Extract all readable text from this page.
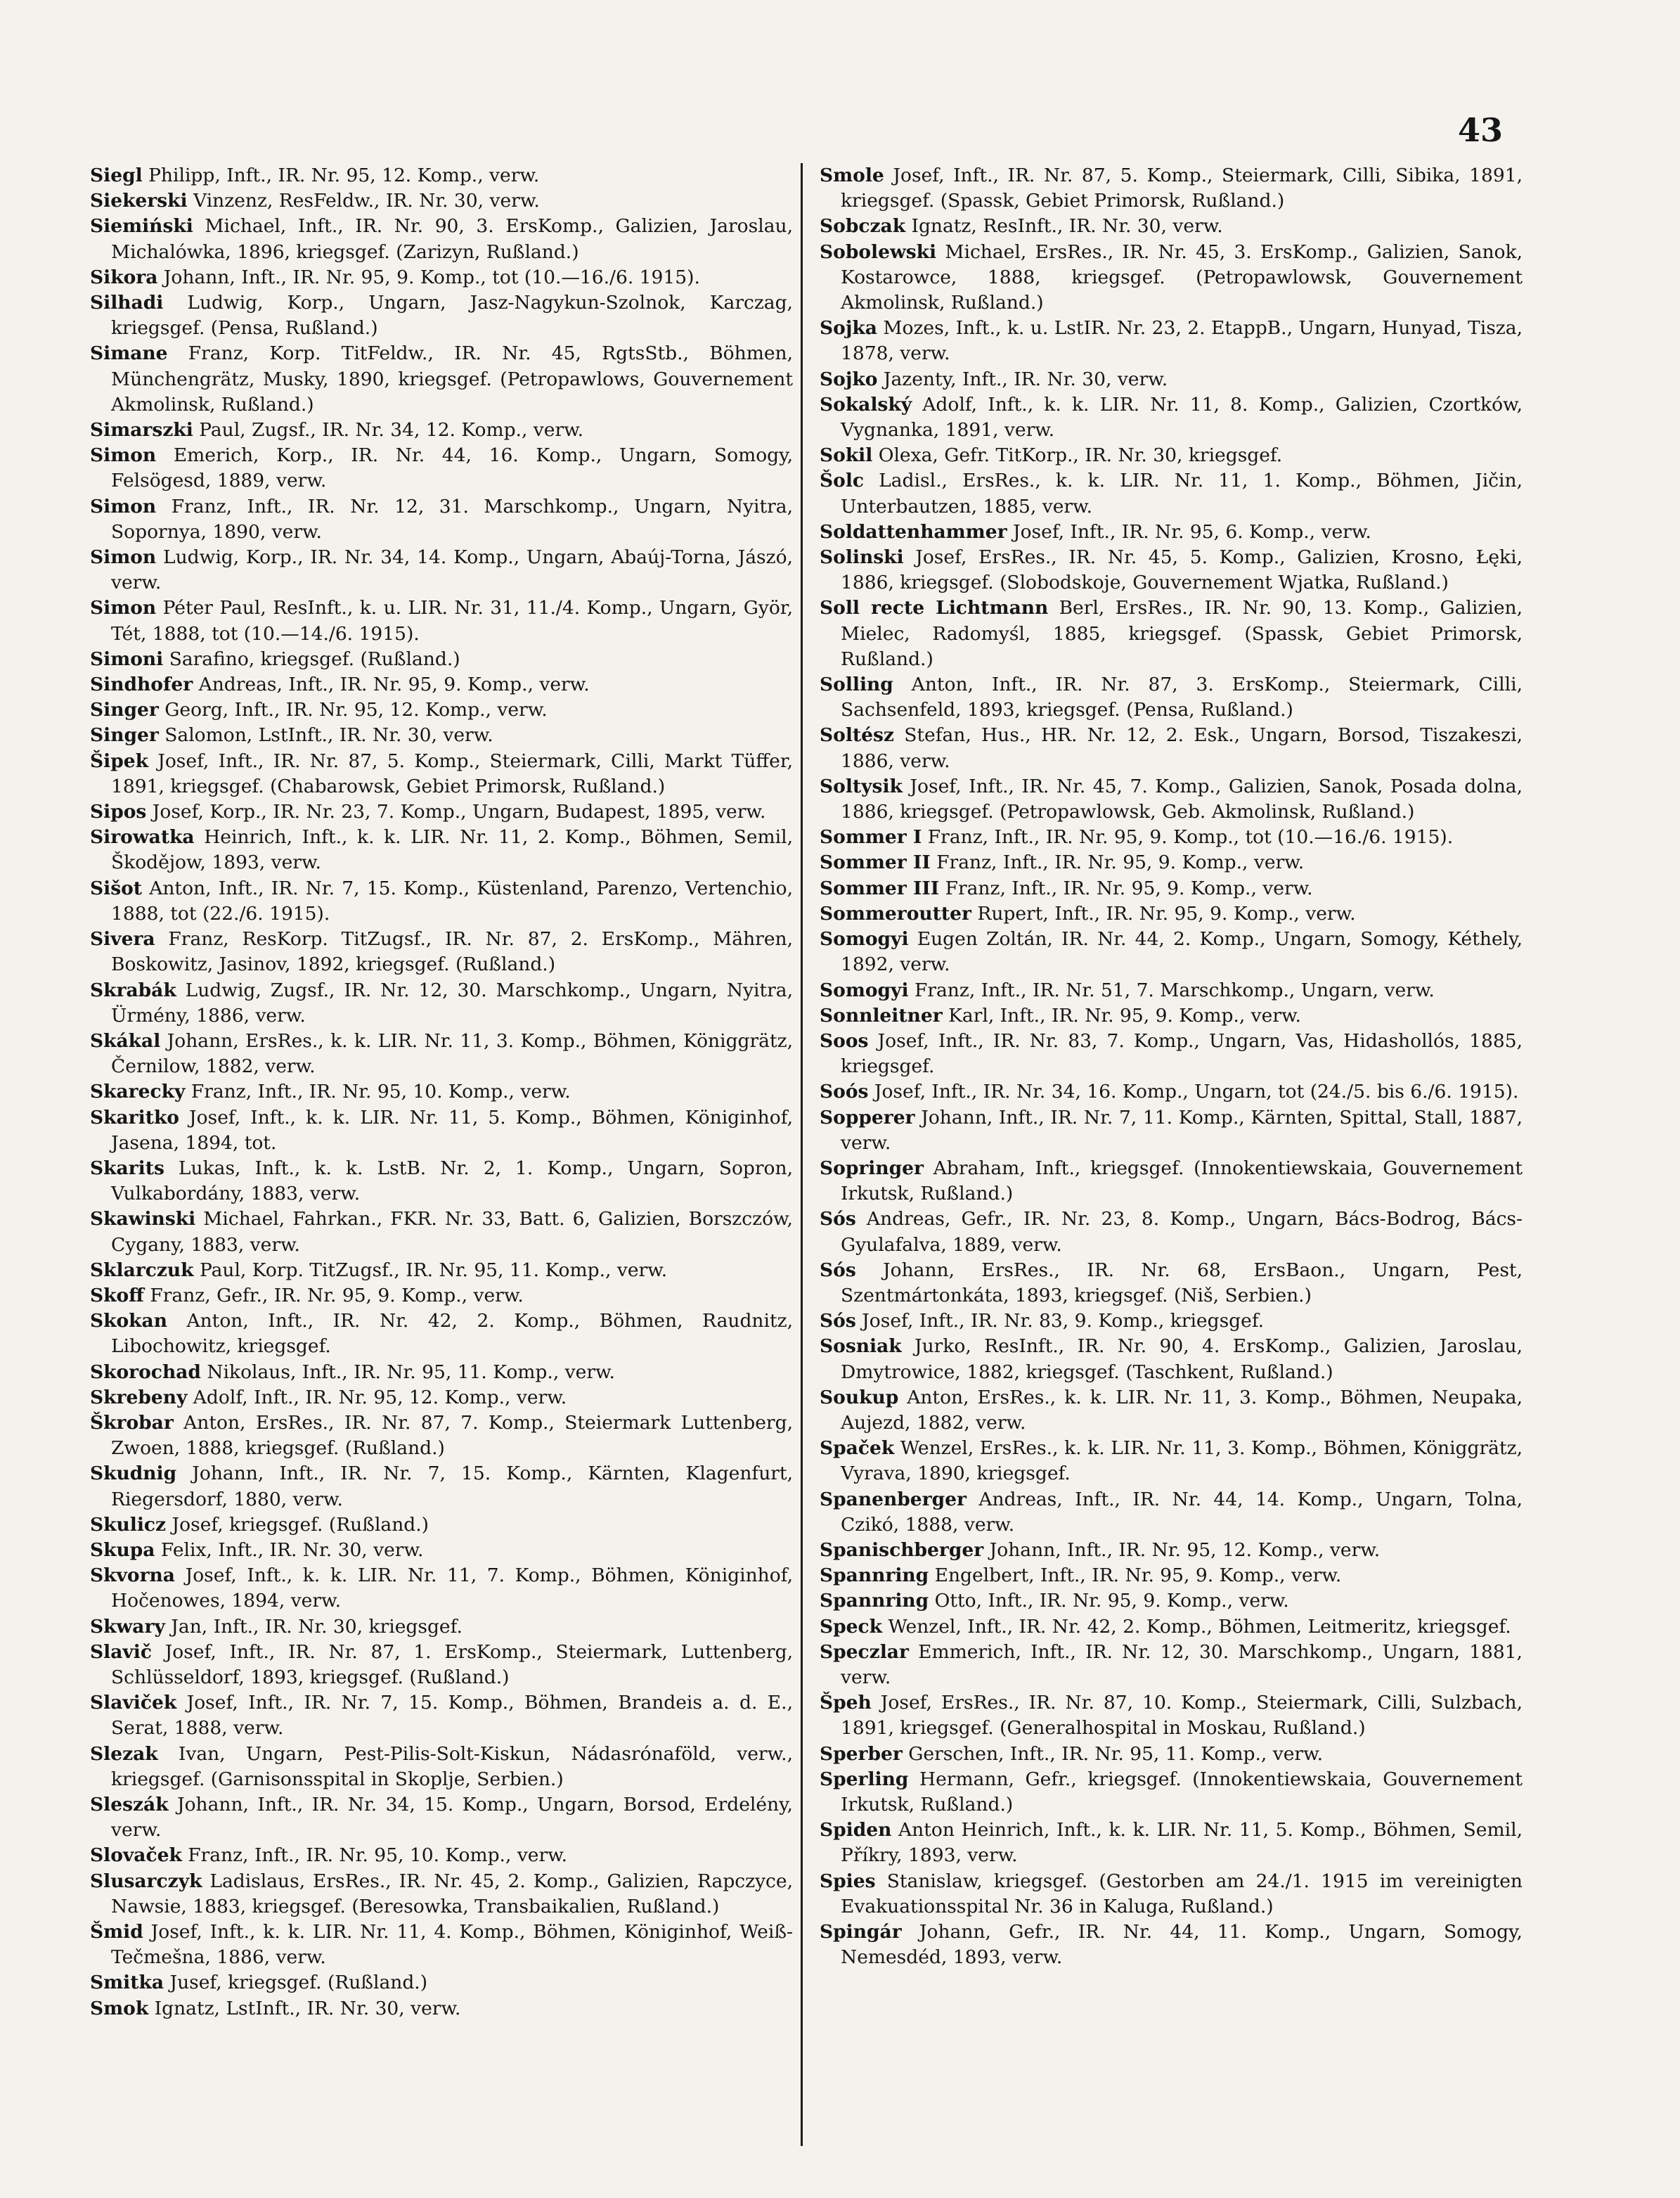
43
Siegl Philipp, Inft., IR. Nr. 95, 12. Komp., verw.
Siekerski Vinzenz, ResFeldw., IR. Nr. 30, verw.
Siemiński Michael, Inft., IR. Nr. 90, 3. ErsKomp., Galizien, Jaroslau, Michalówka, 1896, kriegsgef. (Zarizyn, Rußland.)
Sikora Johann, Inft., IR. Nr. 95, 9. Komp., tot (10.—16./6. 1915).
Silhadi Ludwig, Korp., Ungarn, Jasz-Nagykun-Szolnok, Karczag, kriegsgef. (Pensa, Rußland.)
Simane Franz, Korp. TitFeldw., IR. Nr. 45, RgtsStb., Böhmen, Münchengrätz, Musky, 1890, kriegsgef. (Petropawlows, Gouvernement Akmolinsk, Rußland.)
Simarszki Paul, Zugsf., IR. Nr. 34, 12. Komp., verw.
Simon Emerich, Korp., IR. Nr. 44, 16. Komp., Ungarn, Somogy, Felsögesd, 1889, verw.
Simon Franz, Inft., IR. Nr. 12, 31. Marschkomp., Ungarn, Nyitra, Sopornya, 1890, verw.
Simon Ludwig, Korp., IR. Nr. 34, 14. Komp., Ungarn, Abaúj-Torna, Jászó, verw.
Simon Péter Paul, ResInft., k. u. LIR. Nr. 31, 11./4. Komp., Ungarn, Györ, Tét, 1888, tot (10.—14./6. 1915).
Simoni Sarafino, kriegsgef. (Rußland.)
Sindhofer Andreas, Inft., IR. Nr. 95, 9. Komp., verw.
Singer Georg, Inft., IR. Nr. 95, 12. Komp., verw.
Singer Salomon, LstInft., IR. Nr. 30, verw.
Šipek Josef, Inft., IR. Nr. 87, 5. Komp., Steiermark, Cilli, Markt Tüffer, 1891, kriegsgef. (Chabarowsk, Gebiet Primorsk, Rußland.)
Sipos Josef, Korp., IR. Nr. 23, 7. Komp., Ungarn, Budapest, 1895, verw.
Sirowatka Heinrich, Inft., k. k. LIR. Nr. 11, 2. Komp., Böhmen, Semil, Škodějow, 1893, verw.
Sišot Anton, Inft., IR. Nr. 7, 15. Komp., Küstenland, Parenzo, Vertenchio, 1888, tot (22./6. 1915).
Sivera Franz, ResKorp. TitZugsf., IR. Nr. 87, 2. ErsKomp., Mähren, Boskowitz, Jasinov, 1892, kriegsgef. (Rußland.)
Skrabák Ludwig, Zugsf., IR. Nr. 12, 30. Marschkomp., Ungarn, Nyitra, Ürmény, 1886, verw.
Skákal Johann, ErsRes., k. k. LIR. Nr. 11, 3. Komp., Böhmen, Königgrätz, Černilow, 1882, verw.
Skarecky Franz, Inft., IR. Nr. 95, 10. Komp., verw.
Skaritko Josef, Inft., k. k. LIR. Nr. 11, 5. Komp., Böhmen, Königinhof, Jasena, 1894, tot.
Skarits Lukas, Inft., k. k. LstB. Nr. 2, 1. Komp., Ungarn, Sopron, Vulkabordány, 1883, verw.
Skawinski Michael, Fahrkan., FKR. Nr. 33, Batt. 6, Galizien, Borszczów, Cygany, 1883, verw.
Sklarczuk Paul, Korp. TitZugsf., IR. Nr. 95, 11. Komp., verw.
Skoff Franz, Gefr., IR. Nr. 95, 9. Komp., verw.
Skokan Anton, Inft., IR. Nr. 42, 2. Komp., Böhmen, Raudnitz, Libochowitz, kriegsgef.
Skorochad Nikolaus, Inft., IR. Nr. 95, 11. Komp., verw.
Skrebeny Adolf, Inft., IR. Nr. 95, 12. Komp., verw.
Škrobar Anton, ErsRes., IR. Nr. 87, 7. Komp., Steiermark Luttenberg, Zwoen, 1888, kriegsgef. (Rußland.)
Skudnig Johann, Inft., IR. Nr. 7, 15. Komp., Kärnten, Klagenfurt, Riegersdorf, 1880, verw.
Skulicz Josef, kriegsgef. (Rußland.)
Skupa Felix, Inft., IR. Nr. 30, verw.
Skvorna Josef, Inft., k. k. LIR. Nr. 11, 7. Komp., Böhmen, Königinhof, Hočenowes, 1894, verw.
Skwary Jan, Inft., IR. Nr. 30, kriegsgef.
Slavič Josef, Inft., IR. Nr. 87, 1. ErsKomp., Steiermark, Luttenberg, Schlüsseldorf, 1893, kriegsgef. (Rußland.)
Slaviček Josef, Inft., IR. Nr. 7, 15. Komp., Böhmen, Brandeis a. d. E., Serat, 1888, verw.
Slezak Ivan, Ungarn, Pest-Pilis-Solt-Kiskun, Nádasrónaföld, verw., kriegsgef. (Garnisonsspital in Skoplje, Serbien.)
Sleszák Johann, Inft., IR. Nr. 34, 15. Komp., Ungarn, Borsod, Erdelény, verw.
Slovaček Franz, Inft., IR. Nr. 95, 10. Komp., verw.
Slusarczyk Ladislaus, ErsRes., IR. Nr. 45, 2. Komp., Galizien, Rapczyce, Nawsie, 1883, kriegsgef. (Beresowka, Transbaikalien, Rußland.)
Šmid Josef, Inft., k. k. LIR. Nr. 11, 4. Komp., Böhmen, Königinhof, Weiß-Tečmešna, 1886, verw.
Smitka Jusef, kriegsgef. (Rußland.)
Smok Ignatz, LstInft., IR. Nr. 30, verw.
Smole Josef, Inft., IR. Nr. 87, 5. Komp., Steiermark, Cilli, Sibika, 1891, kriegsgef. (Spassk, Gebiet Primorsk, Rußland.)
Sobczak Ignatz, ResInft., IR. Nr. 30, verw.
Sobolewski Michael, ErsRes., IR. Nr. 45, 3. ErsKomp., Galizien, Sanok, Kostarowce, 1888, kriegsgef. (Petropawlowsk, Gouvernement Akmolinsk, Rußland.)
Sojka Mozes, Inft., k. u. LstIR. Nr. 23, 2. EtappB., Ungarn, Hunyad, Tisza, 1878, verw.
Sojko Jazenty, Inft., IR. Nr. 30, verw.
Sokalský Adolf, Inft., k. k. LIR. Nr. 11, 8. Komp., Galizien, Czortków, Vygnanka, 1891, verw.
Sokil Olexa, Gefr. TitKorp., IR. Nr. 30, kriegsgef.
Šolc Ladisl., ErsRes., k. k. LIR. Nr. 11, 1. Komp., Böhmen, Jičin, Unterbautzen, 1885, verw.
Soldattenhammer Josef, Inft., IR. Nr. 95, 6. Komp., verw.
Solinski Josef, ErsRes., IR. Nr. 45, 5. Komp., Galizien, Krosno, Łęki, 1886, kriegsgef. (Slobodskoje, Gouvernement Wjatka, Rußland.)
Soll recte Lichtmann Berl, ErsRes., IR. Nr. 90, 13. Komp., Galizien, Mielec, Radomyśl, 1885, kriegsgef. (Spassk, Gebiet Primorsk, Rußland.)
Solling Anton, Inft., IR. Nr. 87, 3. ErsKomp., Steiermark, Cilli, Sachsenfeld, 1893, kriegsgef. (Pensa, Rußland.)
Soltész Stefan, Hus., HR. Nr. 12, 2. Esk., Ungarn, Borsod, Tiszakeszi, 1886, verw.
Soltysik Josef, Inft., IR. Nr. 45, 7. Komp., Galizien, Sanok, Posada dolna, 1886, kriegsgef. (Petropawlowsk, Geb. Akmolinsk, Rußland.)
Sommer I Franz, Inft., IR. Nr. 95, 9. Komp., tot (10.—16./6. 1915).
Sommer II Franz, Inft., IR. Nr. 95, 9. Komp., verw.
Sommer III Franz, Inft., IR. Nr. 95, 9. Komp., verw.
Sommeroutter Rupert, Inft., IR. Nr. 95, 9. Komp., verw.
Somogyi Eugen Zoltán, IR. Nr. 44, 2. Komp., Ungarn, Somogy, Kéthely, 1892, verw.
Somogyi Franz, Inft., IR. Nr. 51, 7. Marschkomp., Ungarn, verw.
Sonnleitner Karl, Inft., IR. Nr. 95, 9. Komp., verw.
Soos Josef, Inft., IR. Nr. 83, 7. Komp., Ungarn, Vas, Hidashollós, 1885, kriegsgef.
Soós Josef, Inft., IR. Nr. 34, 16. Komp., Ungarn, tot (24./5. bis 6./6. 1915).
Sopperer Johann, Inft., IR. Nr. 7, 11. Komp., Kärnten, Spittal, Stall, 1887, verw.
Sopringer Abraham, Inft., kriegsgef. (Innokentiewskaia, Gouvernement Irkutsk, Rußland.)
Sós Andreas, Gefr., IR. Nr. 23, 8. Komp., Ungarn, Bács-Bodrog, Bács-Gyulafalva, 1889, verw.
Sós Johann, ErsRes., IR. Nr. 68, ErsBaon., Ungarn, Pest, Szentmártonkáta, 1893, kriegsgef. (Niš, Serbien.)
Sós Josef, Inft., IR. Nr. 83, 9. Komp., kriegsgef.
Sosniak Jurko, ResInft., IR. Nr. 90, 4. ErsKomp., Galizien, Jaroslau, Dmytrowice, 1882, kriegsgef. (Taschkent, Rußland.)
Soukup Anton, ErsRes., k. k. LIR. Nr. 11, 3. Komp., Böhmen, Neupaka, Aujezd, 1882, verw.
Spaček Wenzel, ErsRes., k. k. LIR. Nr. 11, 3. Komp., Böhmen, Königgrätz, Vyrava, 1890, kriegsgef.
Spanenberger Andreas, Inft., IR. Nr. 44, 14. Komp., Ungarn, Tolna, Czikó, 1888, verw.
Spanischberger Johann, Inft., IR. Nr. 95, 12. Komp., verw.
Spannring Engelbert, Inft., IR. Nr. 95, 9. Komp., verw.
Spannring Otto, Inft., IR. Nr. 95, 9. Komp., verw.
Speck Wenzel, Inft., IR. Nr. 42, 2. Komp., Böhmen, Leitmeritz, kriegsgef.
Speczlar Emmerich, Inft., IR. Nr. 12, 30. Marschkomp., Ungarn, 1881, verw.
Špeh Josef, ErsRes., IR. Nr. 87, 10. Komp., Steiermark, Cilli, Sulzbach, 1891, kriegsgef. (Generalhospital in Moskau, Rußland.)
Sperber Gerschen, Inft., IR. Nr. 95, 11. Komp., verw.
Sperling Hermann, Gefr., kriegsgef. (Innokentiewskaia, Gouvernement Irkutsk, Rußland.)
Spiden Anton Heinrich, Inft., k. k. LIR. Nr. 11, 5. Komp., Böhmen, Semil, Příkry, 1893, verw.
Spies Stanislaw, kriegsgef. (Gestorben am 24./1. 1915 im vereinigten Evakuationsspital Nr. 36 in Kaluga, Rußland.)
Spingár Johann, Gefr., IR. Nr. 44, 11. Komp., Ungarn, Somogy, Nemesdéd, 1893, verw.
